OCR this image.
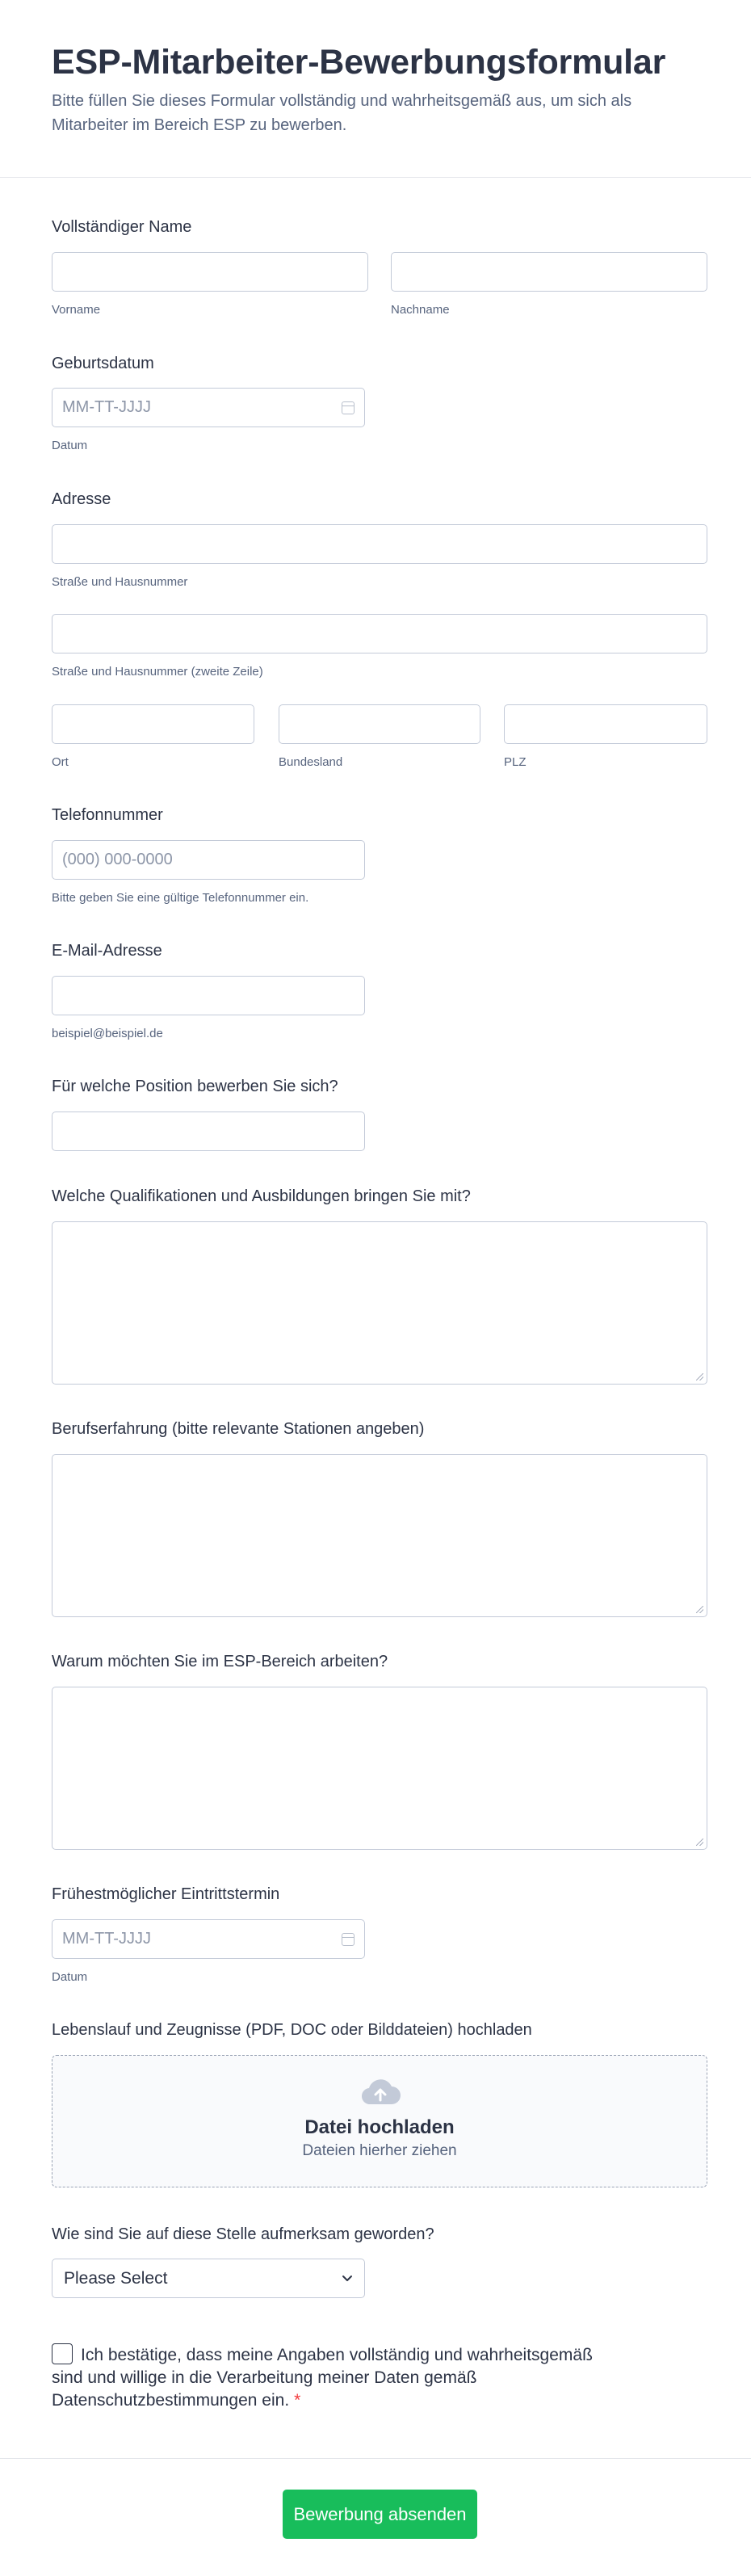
ESP-Mitarbeiter-Bewerbungsformular

Bitte füllen Sie dieses Formular vollständig und wahrheitsgemäß aus, um sich als Mitarbeiter im Bereich ESP zu bewerben.

Vollständiger Name
Vorname	Nachname
Geburtsdatum
MM-TT-JJJJ
Datum
Adresse
Straße und Hausnummer
Straße und Hausnummer (zweite Zeile)
Ort	Bundesland	PLZ
Telefonnummer
(000) 000-0000
Bitte geben Sie eine gültige Telefonnummer ein.
E-Mail-Adresse
beispiel@beispiel.de
Für welche Position bewerben Sie sich?
Welche Qualifikationen und Ausbildungen bringen Sie mit?
Berufserfahrung (bitte relevante Stationen angeben)
Warum möchten Sie im ESP-Bereich arbeiten?
Frühestmöglicher Eintrittstermin
MM-TT-JJJJ
Datum
Lebenslauf und Zeugnisse (PDF, DOC oder Bilddateien) hochladen
Datei hochladen
Dateien hierher ziehen
Wie sind Sie auf diese Stelle aufmerksam geworden?
Please Select
Ich bestätige, dass meine Angaben vollständig und wahrheitsgemäß sind und willige in die Verarbeitung meiner Daten gemäß Datenschutzbestimmungen ein. *
Bewerbung absenden
